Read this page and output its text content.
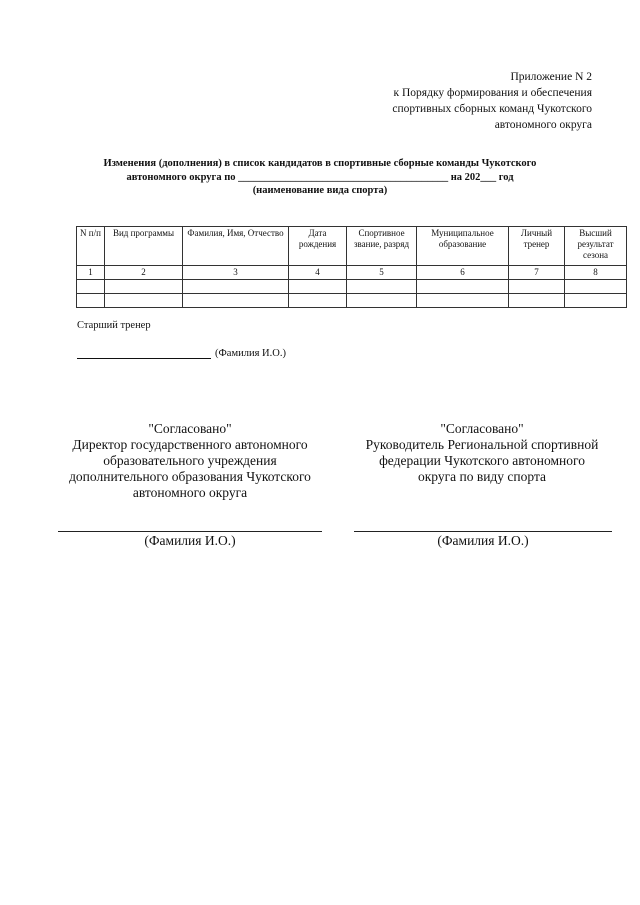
Приложение N 2
к Порядку формирования и обеспечения
спортивных сборных команд Чукотского
автономного округа
Изменения (дополнения) в список кандидатов в спортивные сборные команды Чукотского
автономного округа по ________________________________________ на 202___ год
(наименование вида спорта)
N п/п	Вид программы	Фамилия, Имя, Отчество	Дата рождения	Спортивное звание, разряд	Муниципальное образование	Личный тренер	Высший результат сезона
1	2	3	4	5	6	7	8

Старший тренер
(Фамилия И.О.)
"Согласовано"
Директор государственного автономного
образовательного учреждения
дополнительного образования Чукотского
автономного округа
"Согласовано"
Руководитель Региональной спортивной
федерации Чукотского автономного
округа по виду спорта
(Фамилия И.О.)	(Фамилия И.О.)
